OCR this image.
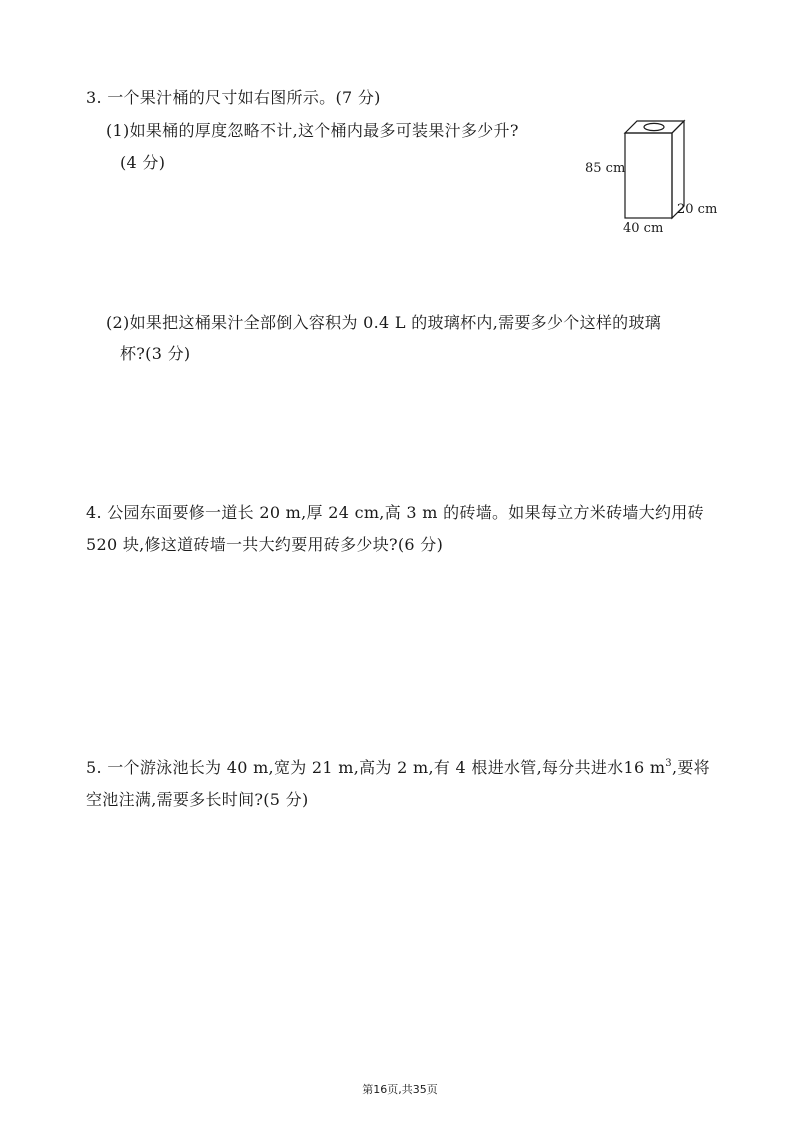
3. 一个果汁桶的尺寸如右图所示。(7 分)
(1)如果桶的厚度忽略不计,这个桶内最多可装果汁多少升?
(4 分)	85 cm
40 cm
20 cm
(2)如果把这桶果汁全部倒入容积为 0.4 L 的玻璃杯内,需要多少个这样的玻璃
杯?(3 分)
4. 公园东面要修一道长 20 m,厚 24 cm,高 3 m 的砖墙。如果每立方米砖墙大约用砖
520 块,修这道砖墙一共大约要用砖多少块?(6 分)
5. 一个游泳池长为 40 m,宽为 21 m,高为 2 m,有 4 根进水管,每分共进水16 $m^3$,要将
空池注满,需要多长时间?(5 分)
第16页,共35页
